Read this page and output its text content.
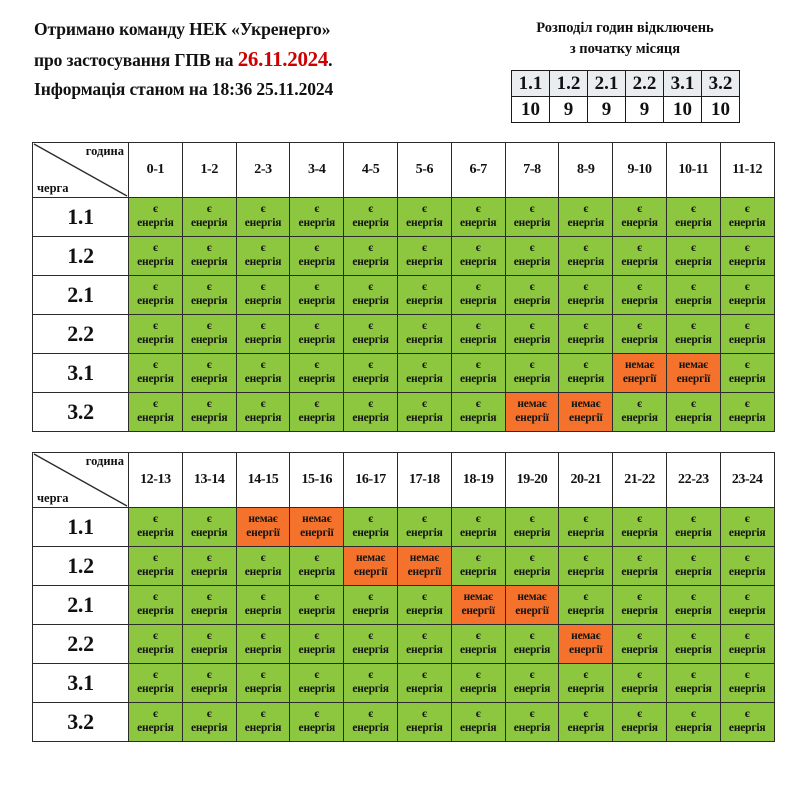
Отримано команду НЕК «Укренерго»
про застосування ГПВ на 26.11.2024.
Інформація станом на 18:36 25.11.2024
Розподіл годин відключень
з початку місяця
1.1	1.2	2.1	2.2	3.1	3.2
10	9	9	9	10	10
година
черга	0-1	1-2	2-3	3-4	4-5	5-6	6-7	7-8	8-9	9-10	10-11	11-12
1.1	є
енергія	є
енергія	є
енергія	є
енергія	є
енергія	є
енергія	є
енергія	є
енергія	є
енергія	є
енергія	є
енергія	є
енергія

1.2	є
енергія	є
енергія	є
енергія	є
енергія	є
енергія	є
енергія	є
енергія	є
енергія	є
енергія	є
енергія	є
енергія	є
енергія

2.1	є
енергія	є
енергія	є
енергія	є
енергія	є
енергія	є
енергія	є
енергія	є
енергія	є
енергія	є
енергія	є
енергія	є
енергія

2.2	є
енергія	є
енергія	є
енергія	є
енергія	є
енергія	є
енергія	є
енергія	є
енергія	є
енергія	є
енергія	є
енергія	є
енергія

3.1	є
енергія	є
енергія	є
енергія	є
енергія	є
енергія	є
енергія	є
енергія	є
енергія	є
енергія	немає
енергії	немає
енергії	є
енергія

3.2	є
енергія	є
енергія	є
енергія	є
енергія	є
енергія	є
енергія	є
енергія	немає
енергії	немає
енергії	є
енергія	є
енергія	є
енергія
година
черга	12-13	13-14	14-15	15-16	16-17	17-18	18-19	19-20	20-21	21-22	22-23	23-24
1.1	є
енергія	є
енергія	немає
енергії	немає
енергії	є
енергія	є
енергія	є
енергія	є
енергія	є
енергія	є
енергія	є
енергія	є
енергія

1.2	є
енергія	є
енергія	є
енергія	є
енергія	немає
енергії	немає
енергії	є
енергія	є
енергія	є
енергія	є
енергія	є
енергія	є
енергія

2.1	є
енергія	є
енергія	є
енергія	є
енергія	є
енергія	є
енергія	немає
енергії	немає
енергії	є
енергія	є
енергія	є
енергія	є
енергія

2.2	є
енергія	є
енергія	є
енергія	є
енергія	є
енергія	є
енергія	є
енергія	є
енергія	немає
енергії	є
енергія	є
енергія	є
енергія

3.1	є
енергія	є
енергія	є
енергія	є
енергія	є
енергія	є
енергія	є
енергія	є
енергія	є
енергія	є
енергія	є
енергія	є
енергія

3.2	є
енергія	є
енергія	є
енергія	є
енергія	є
енергія	є
енергія	є
енергія	є
енергія	є
енергія	є
енергія	є
енергія	є
енергія
